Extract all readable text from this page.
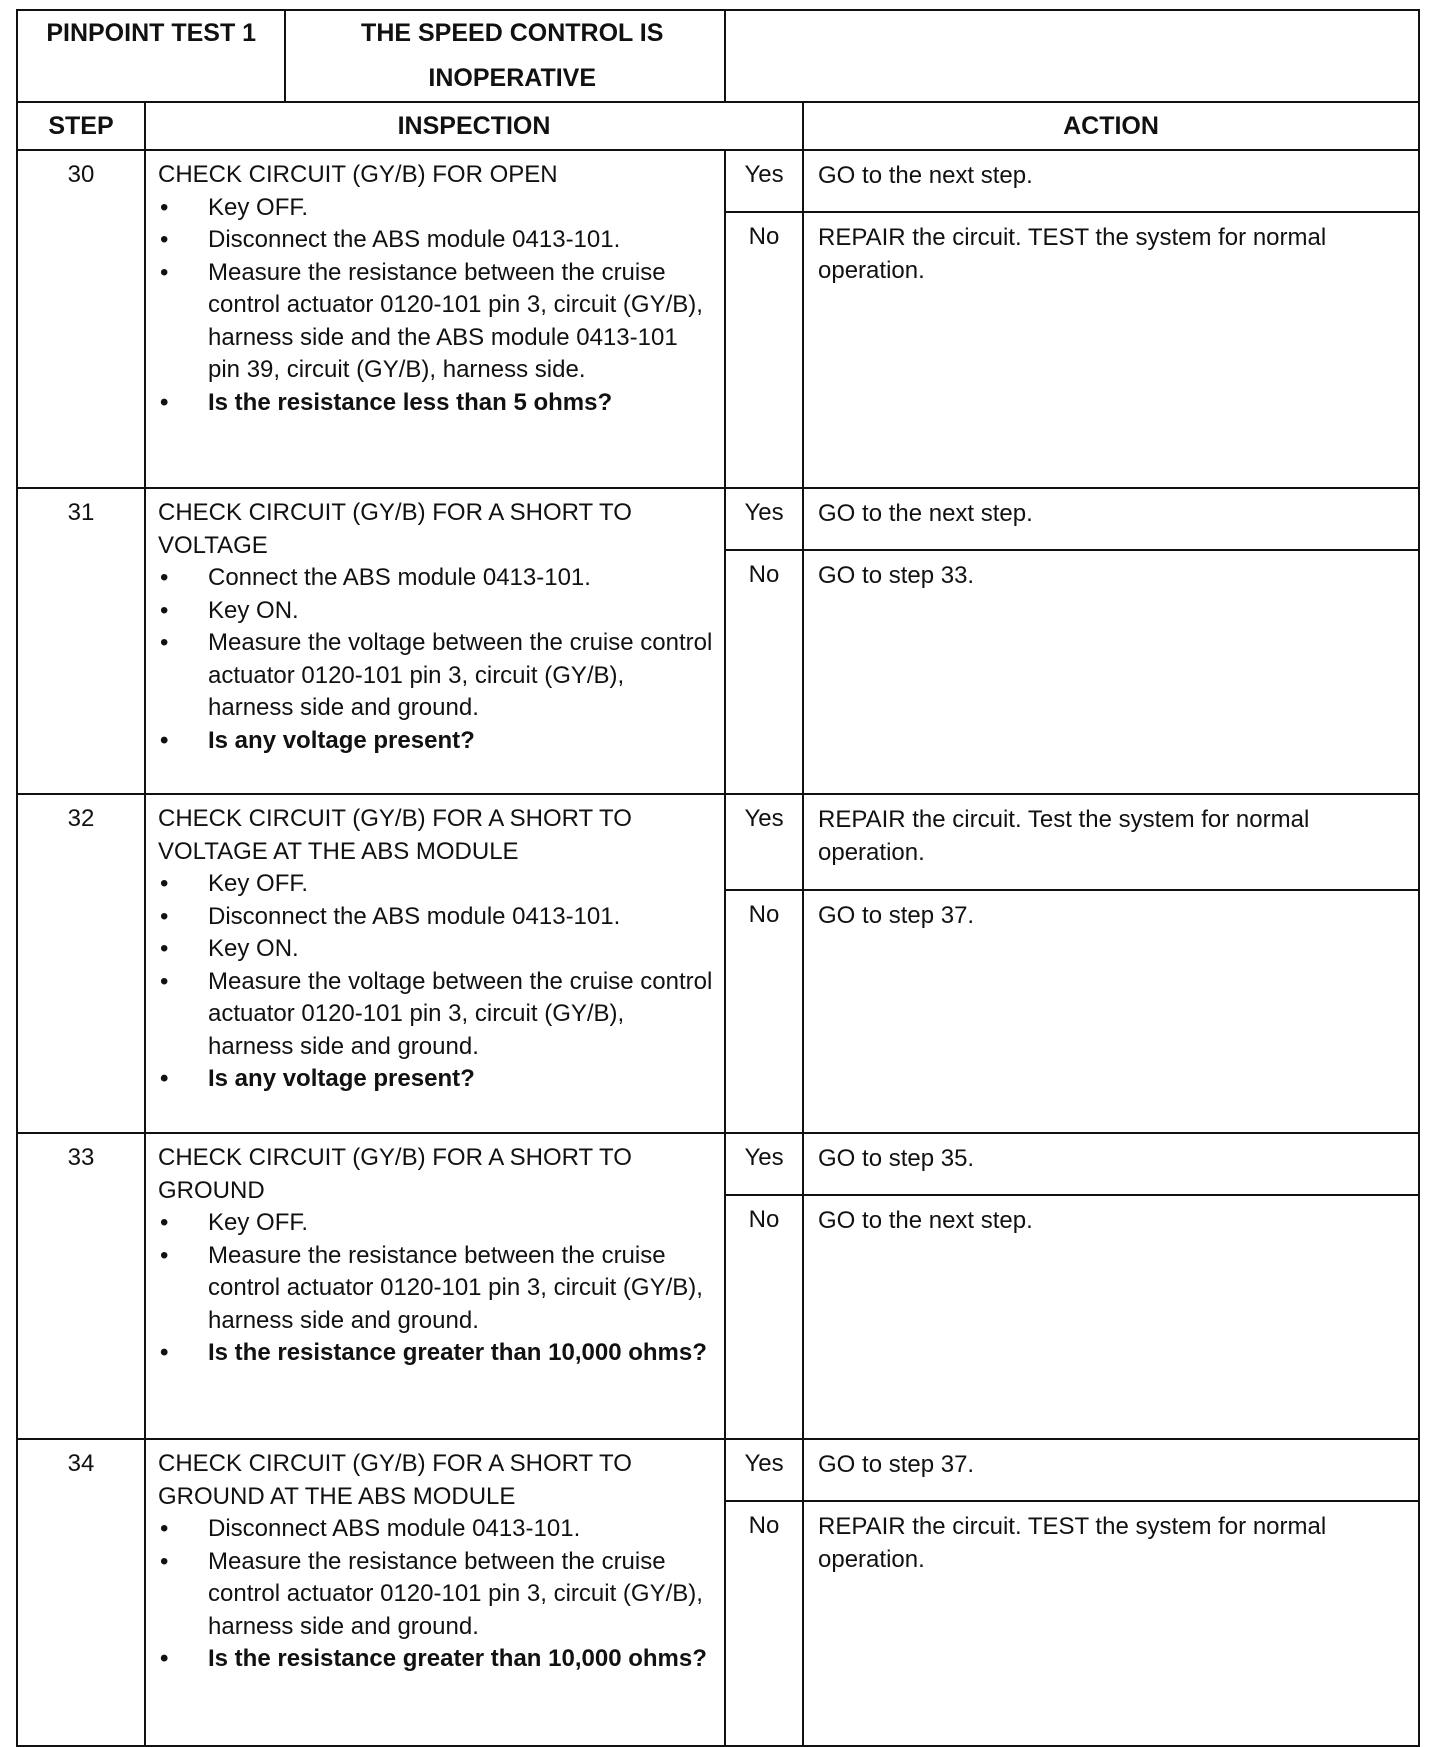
PINPOINT TEST 1 THE SPEED CONTROL IS INOPERATIVE			

STEP	INSPECTION		ACTION
30	CHECK CIRCUIT (GY/B) FOR OPEN
• Key OFF.
• Disconnect the ABS module 0413-101.
• Measure the resistance between the cruise control actuator 0120-101 pin 3, circuit (GY/B), harness side and the ABS module 0413-101 pin 39, circuit (GY/B), harness side.
• Is the resistance less than 5 ohms?
	Yes	GO to the next step.
		No	REPAIR the circuit. TEST the system for normal operation.
31	CHECK CIRCUIT (GY/B) FOR A SHORT TO VOLTAGE
• Connect the ABS module 0413-101.
• Key ON.
• Measure the voltage between the cruise control actuator 0120-101 pin 3, circuit (GY/B), harness side and ground.
• Is any voltage present?
	Yes	GO to the next step.
		No	GO to step 33.
32	CHECK CIRCUIT (GY/B) FOR A SHORT TO VOLTAGE AT THE ABS MODULE
• Key OFF.
• Disconnect the ABS module 0413-101.
• Key ON.
• Measure the voltage between the cruise control actuator 0120-101 pin 3, circuit (GY/B), harness side and ground.
• Is any voltage present?
	Yes	REPAIR the circuit. Test the system for normal operation.
		No	GO to step 37.
33	CHECK CIRCUIT (GY/B) FOR A SHORT TO GROUND
• Key OFF.
• Measure the resistance between the cruise control actuator 0120-101 pin 3, circuit (GY/B), harness side and ground.
• Is the resistance greater than 10,000 ohms?
	Yes	GO to step 35.
		No	GO to the next step.
34	CHECK CIRCUIT (GY/B) FOR A SHORT TO GROUND AT THE ABS MODULE
• Disconnect ABS module 0413-101.
• Measure the resistance between the cruise control actuator 0120-101 pin 3, circuit (GY/B), harness side and ground.
• Is the resistance greater than 10,000 ohms?
	Yes	GO to step 37.
		No	REPAIR the circuit. TEST the system for normal operation.
